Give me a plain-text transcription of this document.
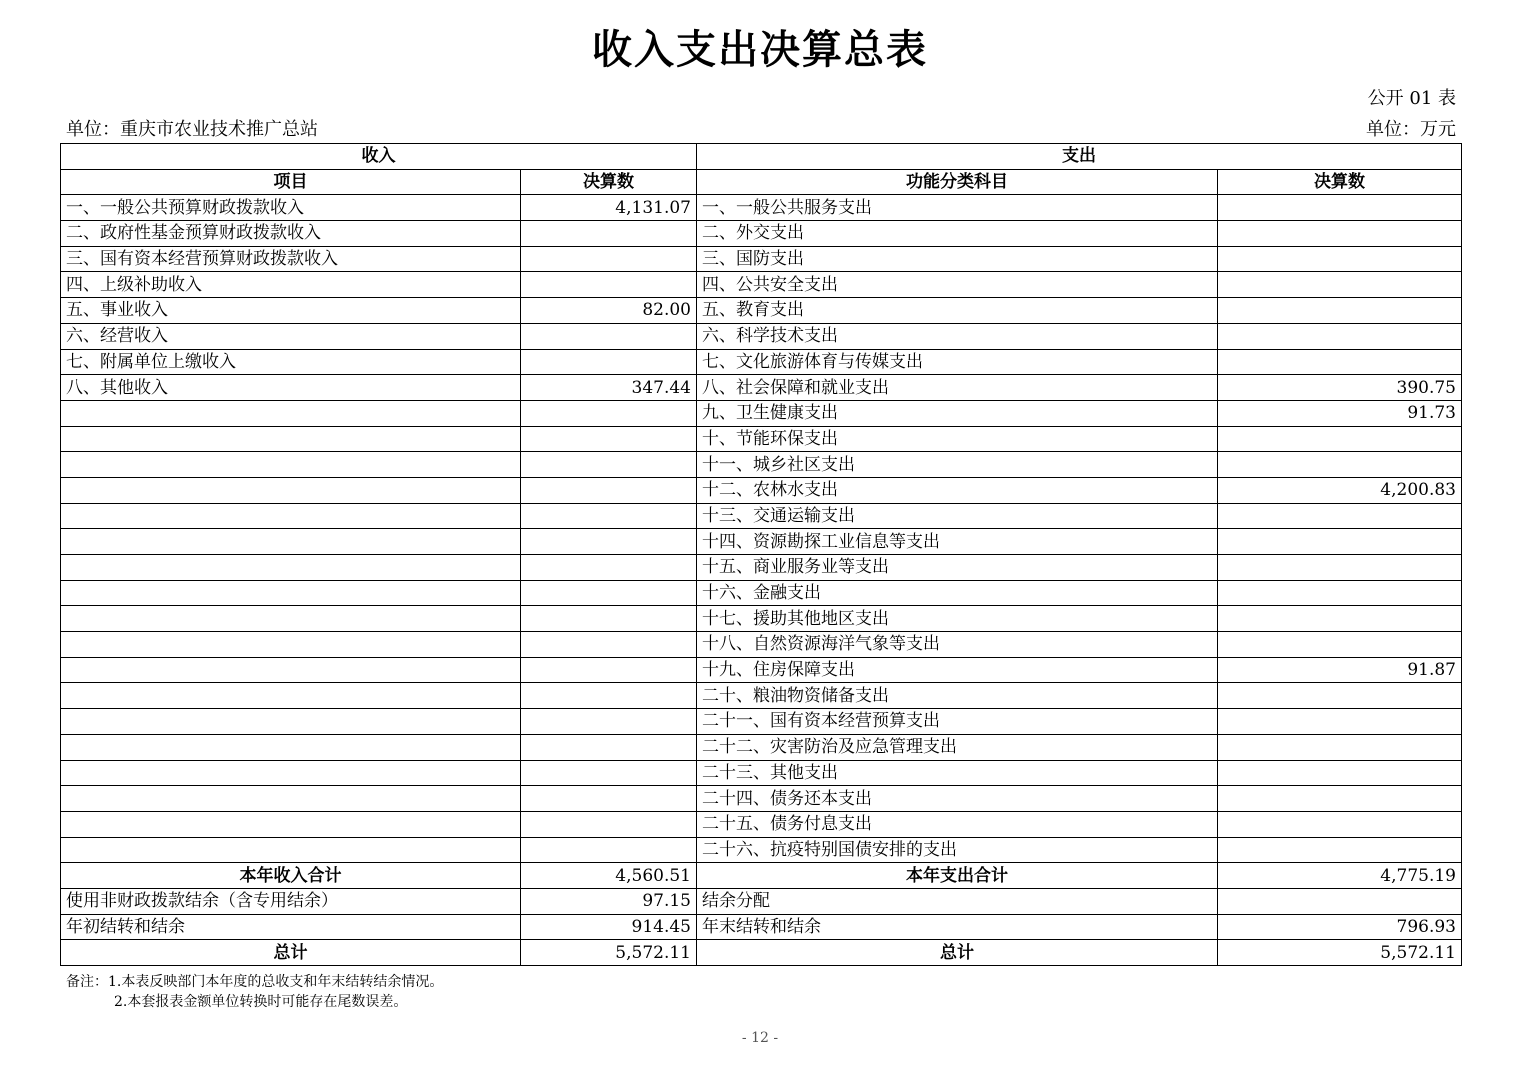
收入支出决算总表
公开 01 表
单位：重庆市农业技术推广总站	单位：万元
收入		支出	
项目	决算数	功能分类科目	决算数
一、一般公共预算财政拨款收入	4,131.07	一、一般公共服务支出	
二、政府性基金预算财政拨款收入		二、外交支出	
三、国有资本经营预算财政拨款收入		三、国防支出	
四、上级补助收入		四、公共安全支出	
五、事业收入	82.00	五、教育支出	
六、经营收入		六、科学技术支出	
七、附属单位上缴收入		七、文化旅游体育与传媒支出	
八、其他收入	347.44	八、社会保障和就业支出	390.75
		九、卫生健康支出	91.73
		十、节能环保支出	
		十一、城乡社区支出	
		十二、农林水支出	4,200.83
		十三、交通运输支出	
		十四、资源勘探工业信息等支出	
		十五、商业服务业等支出	
		十六、金融支出	
		十七、援助其他地区支出	
		十八、自然资源海洋气象等支出	
		十九、住房保障支出	91.87
		二十、粮油物资储备支出	
		二十一、国有资本经营预算支出	
		二十二、灾害防治及应急管理支出	
		二十三、其他支出	
		二十四、债务还本支出	
		二十五、债务付息支出	
		二十六、抗疫特别国债安排的支出	
本年收入合计	4,560.51	本年支出合计	4,775.19
使用非财政拨款结余（含专用结余）	97.15	结余分配	
年初结转和结余	914.45	年末结转和结余	796.93
总计	5,572.11	总计	5,572.11
备注：1.本表反映部门本年度的总收支和年末结转结余情况。
2.本套报表金额单位转换时可能存在尾数误差。
- 12 -
